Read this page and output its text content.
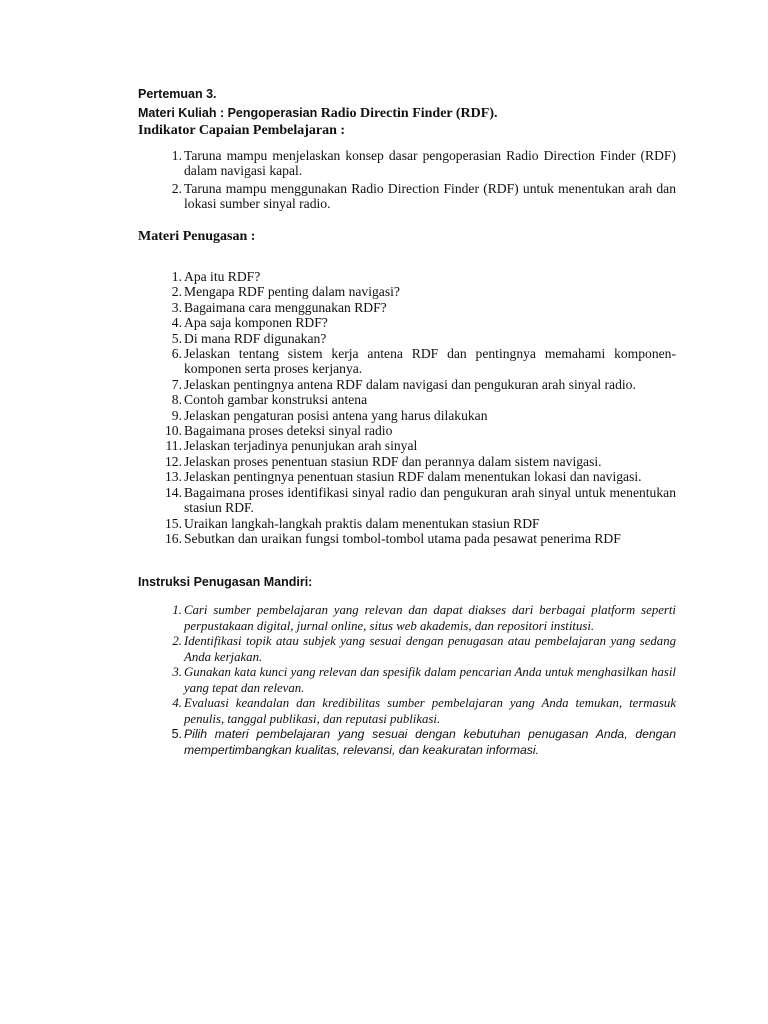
Pertemuan 3.

Materi Kuliah : Pengoperasian Radio Directin Finder (RDF).

Indikator Capaian Pembelajaran :

1. Taruna mampu menjelaskan konsep dasar pengoperasian Radio Direction Finder (RDF) dalam navigasi kapal.
2. Taruna mampu menggunakan Radio Direction Finder (RDF) untuk menentukan arah dan lokasi sumber sinyal radio.

Materi Penugasan :

1. Apa itu RDF?
2. Mengapa RDF penting dalam navigasi?
3. Bagaimana cara menggunakan RDF?
4. Apa saja komponen RDF?
5. Di mana RDF digunakan?
6. Jelaskan tentang sistem kerja antena RDF dan pentingnya memahami komponen-komponen serta proses kerjanya.
7. Jelaskan pentingnya antena RDF dalam navigasi dan pengukuran arah sinyal radio.
8. Contoh gambar konstruksi antena
9. Jelaskan pengaturan posisi antena yang harus dilakukan
10. Bagaimana proses deteksi sinyal radio
11. Jelaskan terjadinya penunjukan arah sinyal
12. Jelaskan proses penentuan stasiun RDF dan perannya dalam sistem navigasi.
13. Jelaskan pentingnya penentuan stasiun RDF dalam menentukan lokasi dan navigasi.
14. Bagaimana proses identifikasi sinyal radio dan pengukuran arah sinyal untuk menentukan stasiun RDF.
15. Uraikan langkah-langkah praktis dalam menentukan stasiun RDF
16. Sebutkan dan uraikan fungsi tombol-tombol utama pada pesawat penerima RDF

Instruksi Penugasan Mandiri:

1. Cari sumber pembelajaran yang relevan dan dapat diakses dari berbagai platform seperti perpustakaan digital, jurnal online, situs web akademis, dan repositori institusi.
2. Identifikasi topik atau subjek yang sesuai dengan penugasan atau pembelajaran yang sedang Anda kerjakan.
3. Gunakan kata kunci yang relevan dan spesifik dalam pencarian Anda untuk menghasilkan hasil yang tepat dan relevan.
4. Evaluasi keandalan dan kredibilitas sumber pembelajaran yang Anda temukan, termasuk penulis, tanggal publikasi, dan reputasi publikasi.
5. Pilih materi pembelajaran yang sesuai dengan kebutuhan penugasan Anda, dengan mempertimbangkan kualitas, relevansi, dan keakuratan informasi.
